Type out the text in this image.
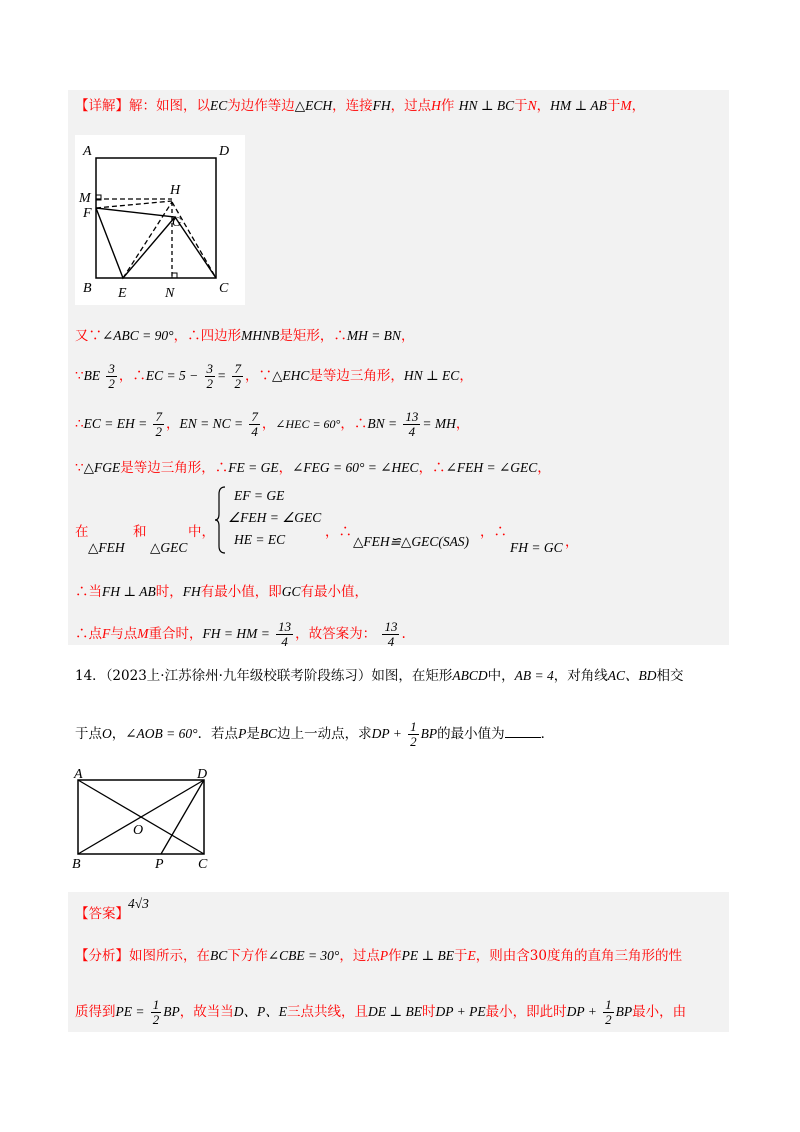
【详解】解：如图，以EC为边作等边△ECH，连接FH，过点H作 HN ⊥ BC于N，HM ⊥ AB于M，
A	D
M
F
H
G
B E	N	C
又∵∠ABC = 90°，∴四边形MHNB是矩形，∴MH = BN，
∵BE $\frac{3}{2}$ ，∴EC = $5 - \frac{3}{2} = \frac{7}{2}$ ，∵△EHC是等边三角形，HN ⊥ EC，
∴EC = EH = $\frac{7}{2}$ ，EN = NC = $\frac{7}{4}$ ，∠HEC = 60°，∴BN = $\frac{13}{4}$ = MH，
∵△FGE是等边三角形，∴FE = GE，∠FEG = 60° = ∠HEC，∴∠FEH = ∠GEC，
在
△FEH
和
△GEC
中，
EF = GE
∠FEH = ∠GEC
HE = EC	，∴
△FEH≌△GEC(SAS)
，∴
FH = GC ，
∴当FH ⊥ AB时，FH有最小值，即GC有最小值，
∴点F与点M重合时，FH = HM = $\frac{13}{4}$ ，故答案为： $\frac{13}{4}$ .
14．（2023上·江苏徐州·九年级校联考阶段练习）如图，在矩形ABCD中，AB = 4，对角线AC、BD相交
于点O，∠AOB = 60°．若点P是BC边上一动点，求DP + $\frac{1}{2}$ BP的最小值为	．
A	D
O
B	P C
【答案】
4√3
【分析】如图所示，在BC下方作∠CBE = 30°，过点P作PE ⊥ BE于E，则由含30度角的直角三角形的性
质得到PE = $\frac{1}{2}$ BP，故当当D、P、E三点共线，且DE ⊥ BE时DP + PE最小，即此时DP + $\frac{1}{2}$ BP最小，由
